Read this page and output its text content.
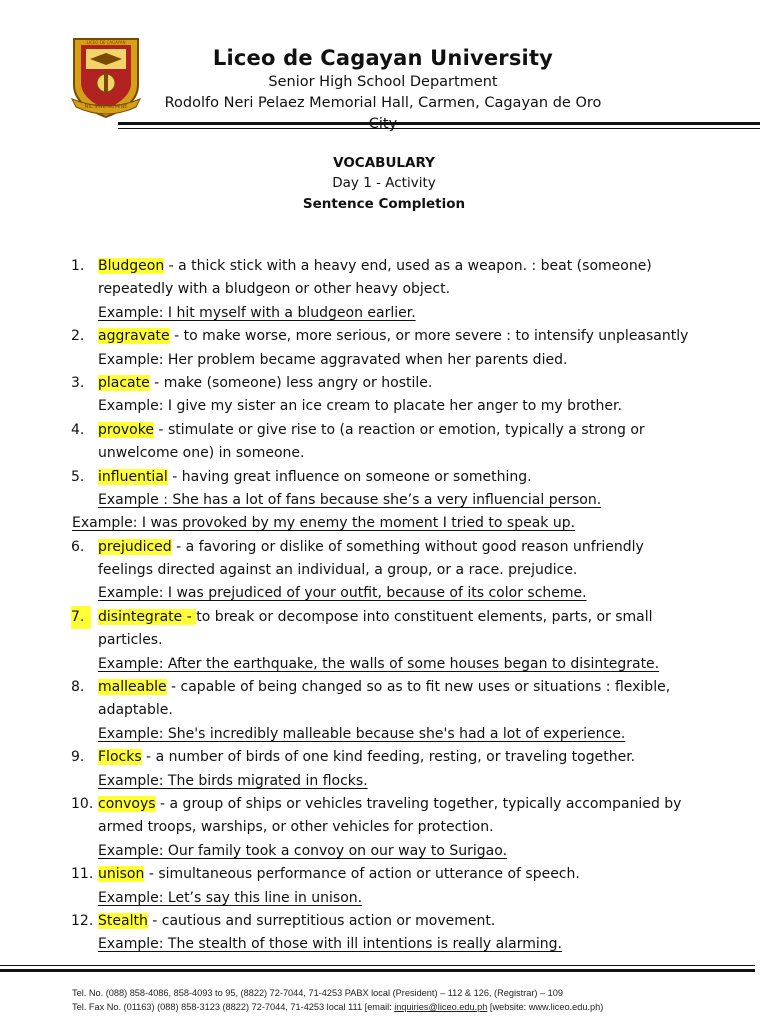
NIL SINE NUMINE
LICEO DE CAGAYAN
Liceo de Cagayan University
Senior High School Department
Rodolfo Neri Pelaez Memorial Hall, Carmen, Cagayan de Oro
VOCABULARY
Day 1 - Activity
Sentence Completion
1. Bludgeon - a thick stick with a heavy end, used as a weapon. : beat (someone)
repeatedly with a bludgeon or other heavy object.
Example: I hit myself with a bludgeon earlier.
2. aggravate - to make worse, more serious, or more severe : to intensify unpleasantly
Example: Her problem became aggravated when her parents died.
3. placate - make (someone) less angry or hostile.
Example: I give my sister an ice cream to placate her anger to my brother.
4. provoke - stimulate or give rise to (a reaction or emotion, typically a strong or
unwelcome one) in someone.
5. influential - having great influence on someone or something.
Example : She has a lot of fans because she’s a very influencial person.
Example: I was provoked by my enemy the moment I tried to speak up.
6. prejudiced - a favoring or dislike of something without good reason unfriendly
feelings directed against an individual, a group, or a race. prejudice.
Example: I was prejudiced of your outfit, because of its color scheme.
7. disintegrate - to break or decompose into constituent elements, parts, or small
particles.
Example: After the earthquake, the walls of some houses began to disintegrate.
8. malleable - capable of being changed so as to fit new uses or situations : flexible,
adaptable.
Example: She's incredibly malleable because she's had a lot of experience.
9. Flocks - a number of birds of one kind feeding, resting, or traveling together.
Example: The birds migrated in flocks.
10. convoys - a group of ships or vehicles traveling together, typically accompanied by
armed troops, warships, or other vehicles for protection.
Example: Our family took a convoy on our way to Surigao.
11. unison - simultaneous performance of action or utterance of speech.
Example: Let’s say this line in unison.
12. Stealth - cautious and surreptitious action or movement.
Example: The stealth of those with ill intentions is really alarming.
Tel. No. (088) 858-4086, 858-4093 to 95, (8822) 72-7044, 71-4253 PABX local (President) – 112 & 126, (Registrar) – 109
Tel. Fax No. (01163) (088) 858-3123 (8822) 72-7044, 71-4253 local 111 [email: inquiries@liceo.edu.ph [website: www.liceo.edu.ph)
